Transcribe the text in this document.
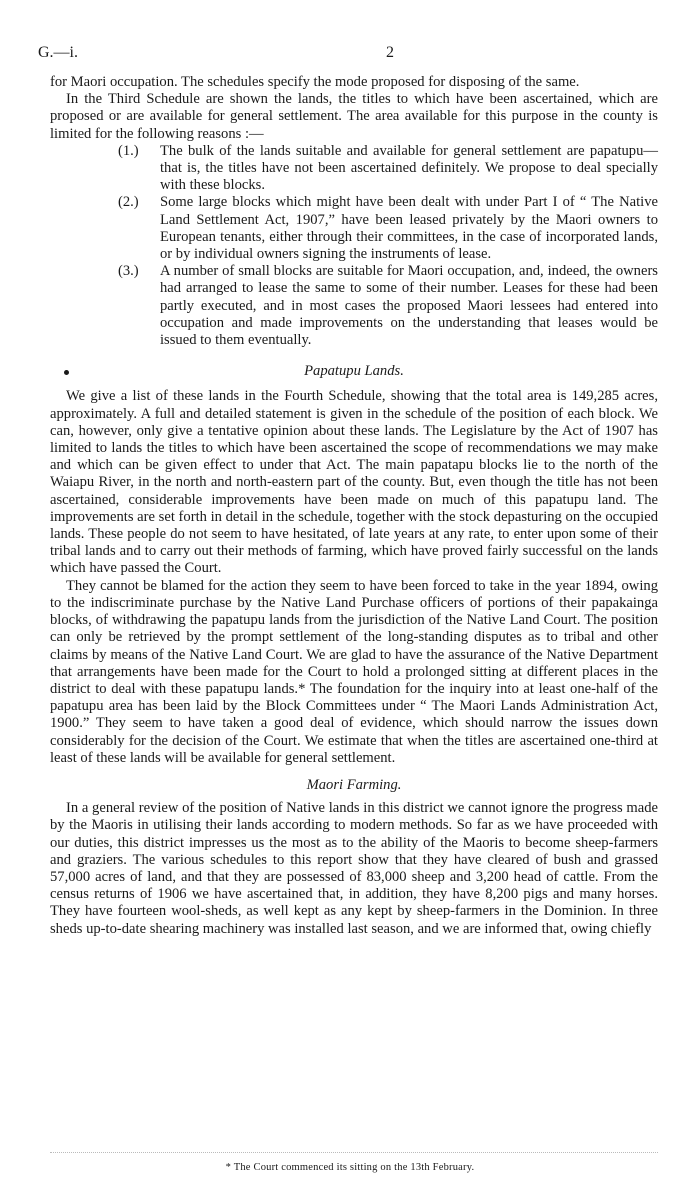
G.—i.	2

for Maori occupation. The schedules specify the mode proposed for disposing of the same.

In the Third Schedule are shown the lands, the titles to which have been ascertained, which are proposed or are available for general settlement. The area available for this purpose in the county is limited for the following reasons :—

(1.) The bulk of the lands suitable and available for general settlement are papatupu—that is, the titles have not been ascertained definitely. We propose to deal specially with these blocks.
(2.) Some large blocks which might have been dealt with under Part I of “ The Native Land Settlement Act, 1907,” have been leased privately by the Maori owners to European tenants, either through their committees, in the case of incorporated lands, or by individual owners signing the instruments of lease.
(3.) A number of small blocks are suitable for Maori occupation, and, indeed, the owners had arranged to lease the same to some of their number. Leases for these had been partly executed, and in most cases the proposed Maori lessees had entered into occupation and made improvements on the understanding that leases would be issued to them eventually.
Papatupu Lands.

We give a list of these lands in the Fourth Schedule, showing that the total area is 149,285 acres, approximately. A full and detailed statement is given in the schedule of the position of each block. We can, however, only give a tentative opinion about these lands. The Legislature by the Act of 1907 has limited to lands the titles to which have been ascertained the scope of recommendations we may make and which can be given effect to under that Act. The main papatapu blocks lie to the north of the Waiapu River, in the north and north-eastern part of the county. But, even though the title has not been ascertained, considerable improvements have been made on much of this papatupu land. The improvements are set forth in detail in the schedule, together with the stock depasturing on the occupied lands. These people do not seem to have hesitated, of late years at any rate, to enter upon some of their tribal lands and to carry out their methods of farming, which have proved fairly successful on the lands which have passed the Court.

They cannot be blamed for the action they seem to have been forced to take in the year 1894, owing to the indiscriminate purchase by the Native Land Purchase officers of portions of their papakainga blocks, of withdrawing the papatupu lands from the jurisdiction of the Native Land Court. The position can only be retrieved by the prompt settlement of the long-standing disputes as to tribal and other claims by means of the Native Land Court. We are glad to have the assurance of the Native Department that arrangements have been made for the Court to hold a prolonged sitting at different places in the district to deal with these papatupu lands.* The foundation for the inquiry into at least one-half of the papatupu area has been laid by the Block Committees under “ The Maori Lands Administration Act, 1900.” They seem to have taken a good deal of evidence, which should narrow the issues down considerably for the decision of the Court. We estimate that when the titles are ascertained one-third at least of these lands will be available for general settlement.

Maori Farming.

In a general review of the position of Native lands in this district we cannot ignore the progress made by the Maoris in utilising their lands according to modern methods. So far as we have proceeded with our duties, this district impresses us the most as to the ability of the Maoris to become sheep-farmers and graziers. The various schedules to this report show that they have cleared of bush and grassed 57,000 acres of land, and that they are possessed of 83,000 sheep and 3,200 head of cattle. From the census returns of 1906 we have ascertained that, in addition, they have 8,200 pigs and many horses. They have fourteen wool-sheds, as well kept as any kept by sheep-farmers in the Dominion. In three sheds up-to-date shearing machinery was installed last season, and we are informed that, owing chiefly

* The Court commenced its sitting on the 13th February.
